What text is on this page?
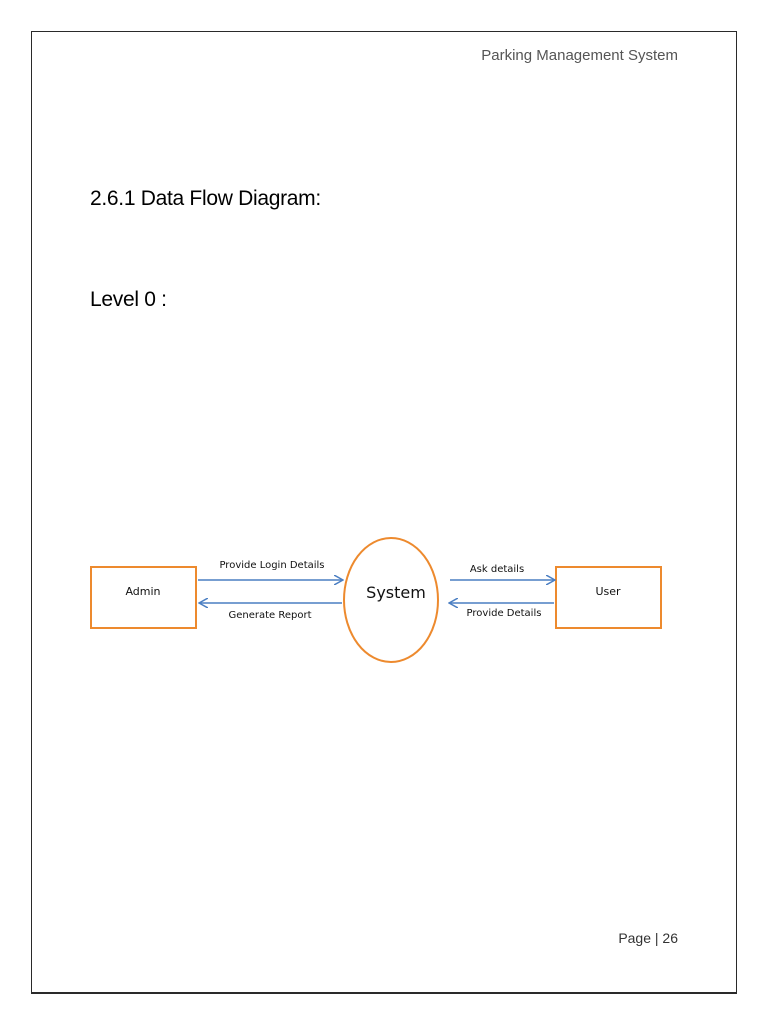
Parking Management System
2.6.1 Data Flow Diagram:
Level 0 :
Admin	System	User
Provide Login Details
Generate Report
Ask details
Provide Details
Page | 26
